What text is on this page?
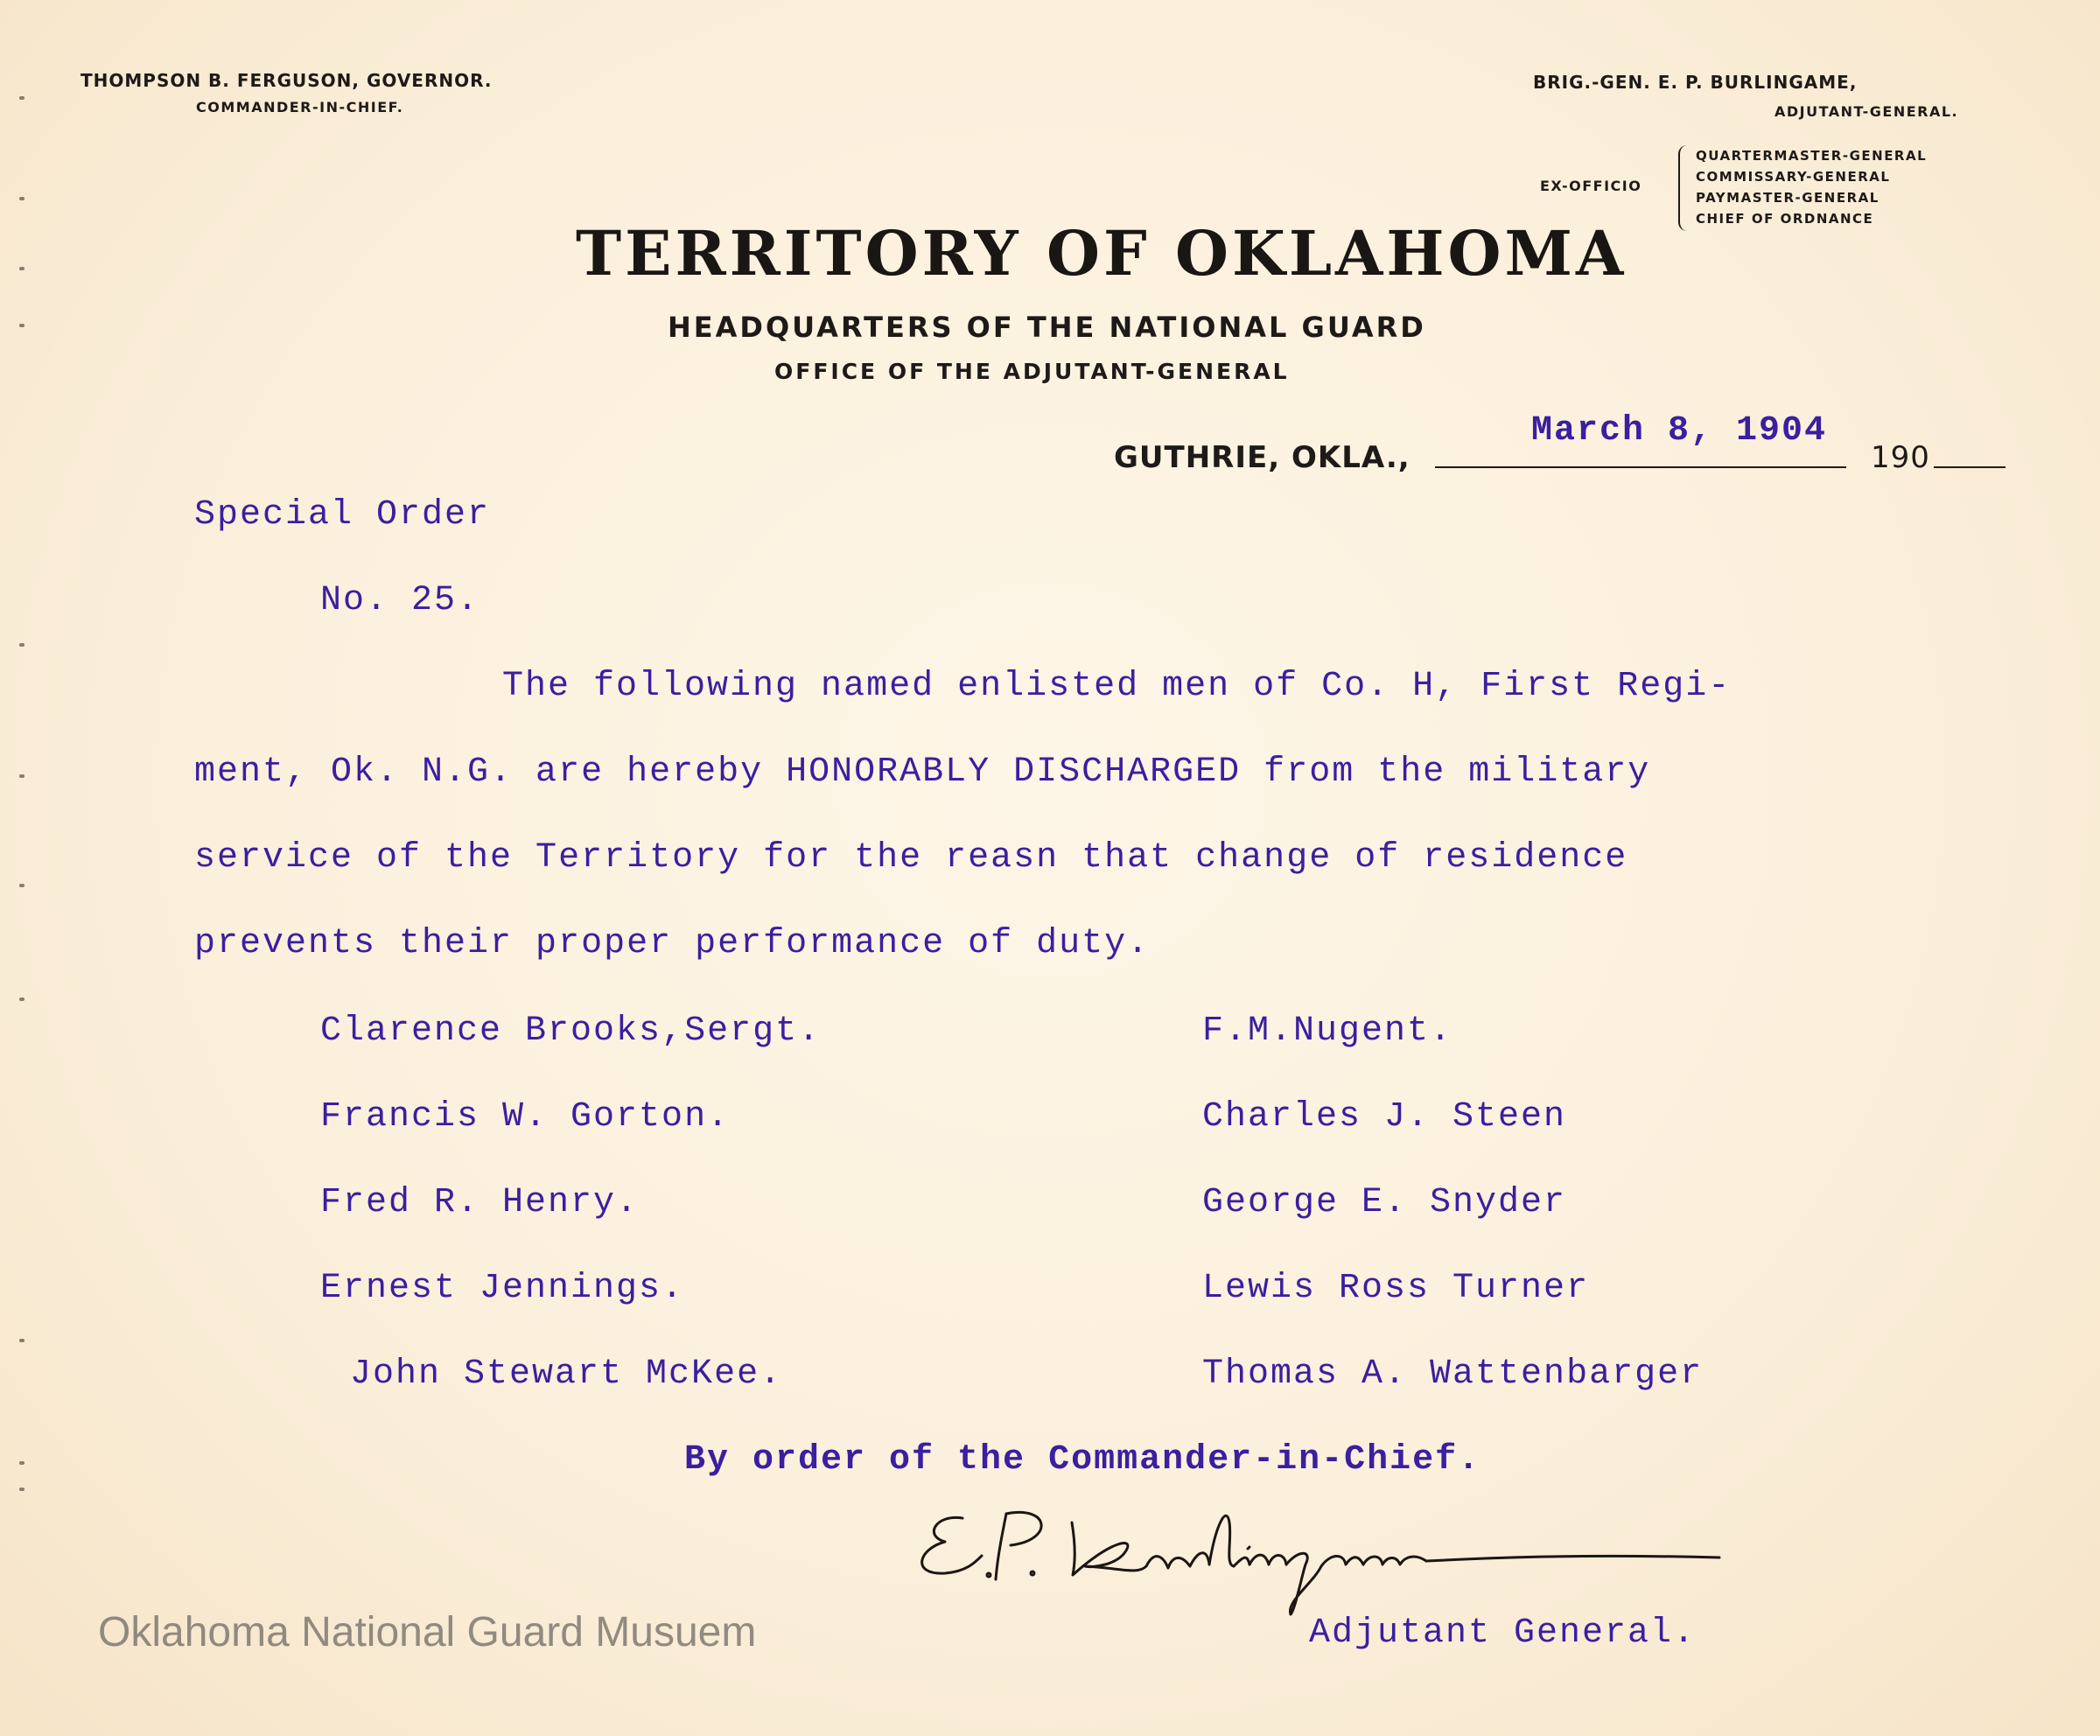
THOMPSON B. FERGUSON, GOVERNOR.
COMMANDER-IN-CHIEF.
BRIG.-GEN. E. P. BURLINGAME,
ADJUTANT-GENERAL.
EX-OFFICIO
QUARTERMASTER-GENERAL
COMMISSARY-GENERAL
PAYMASTER-GENERAL
CHIEF OF ORDNANCE
TERRITORY OF OKLAHOMA
HEADQUARTERS OF THE NATIONAL GUARD
OFFICE OF THE ADJUTANT-GENERAL
GUTHRIE, OKLA.,
March 8, 1904
190
Special Order
No. 25.
The following named enlisted men of Co. H, First Regi-
ment, Ok. N.G. are hereby HONORABLY DISCHARGED from the military
service of the Territory for the reasn that change of residence
prevents their proper performance of duty.
Clarence Brooks,Sergt.
Francis W. Gorton.
Fred R. Henry.
Ernest Jennings.
John Stewart McKee.
F.M.Nugent.
Charles J. Steen
George E. Snyder
Lewis Ross Turner
Thomas A. Wattenbarger
By order of the Commander-in-Chief.
Adjutant General.
Oklahoma National Guard Musuem
